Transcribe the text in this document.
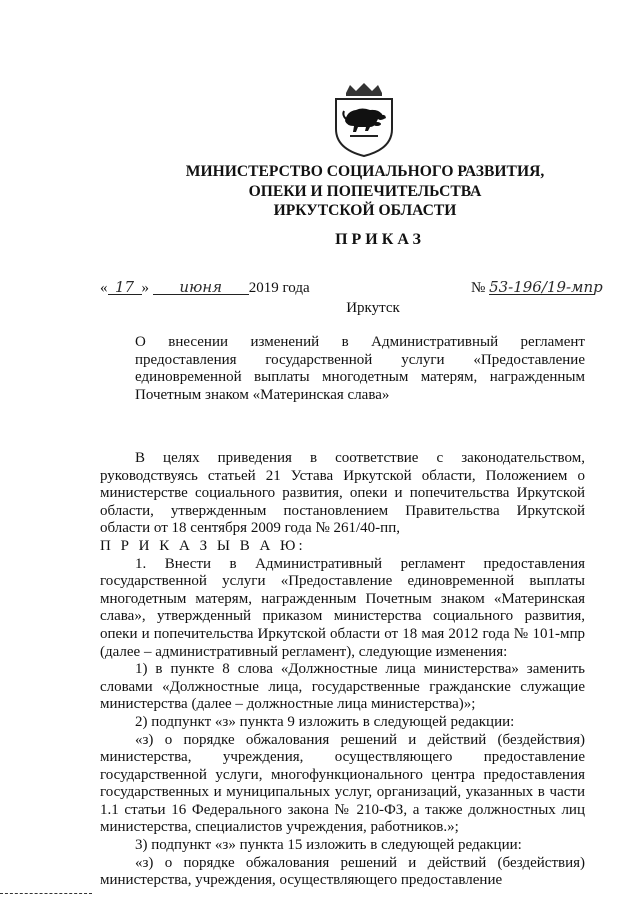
МИНИСТЕРСТВО СОЦИАЛЬНОГО РАЗВИТИЯ,
ОПЕКИ И ПОПЕЧИТЕЛЬСТВА
ИРКУТСКОЙ ОБЛАСТИ
ПРИКАЗ
« 17 » июня 2019 года	№ 53-196/19-мпр
Иркутск
О внесении изменений в Административный регламент предоставления государственной услуги «Предоставление единовременной выплаты многодетным матерям, награжденным Почетным знаком «Материнская слава»

В целях приведения в соответствие с законодательством, руководствуясь статьей 21 Устава Иркутской области, Положением о министерстве социального развития, опеки и попечительства Иркутской области, утвержденным постановлением Правительства Иркутской области от 18 сентября 2009 года № 261/40-пп,

П Р И К А З Ы В А Ю:

1. Внести в Административный регламент предоставления государственной услуги «Предоставление единовременной выплаты многодетным матерям, награжденным Почетным знаком «Материнская слава», утвержденный приказом министерства социального развития, опеки и попечительства Иркутской области от 18 мая 2012 года № 101-мпр (далее – административный регламент), следующие изменения:

1) в пункте 8 слова «Должностные лица министерства» заменить словами «Должностные лица, государственные гражданские служащие министерства (далее – должностные лица министерства)»;

2) подпункт «з» пункта 9 изложить в следующей редакции:

«з) о порядке обжалования решений и действий (бездействия) министерства, учреждения, осуществляющего предоставление государственной услуги, многофункционального центра предоставления государственных и муниципальных услуг, организаций, указанных в части 1.1 статьи 16 Федерального закона № 210-ФЗ, а также должностных лиц министерства, специалистов учреждения, работников.»;

3) подпункт «з» пункта 15 изложить в следующей редакции:

«з) о порядке обжалования решений и действий (бездействия) министерства, учреждения, осуществляющего предоставление
